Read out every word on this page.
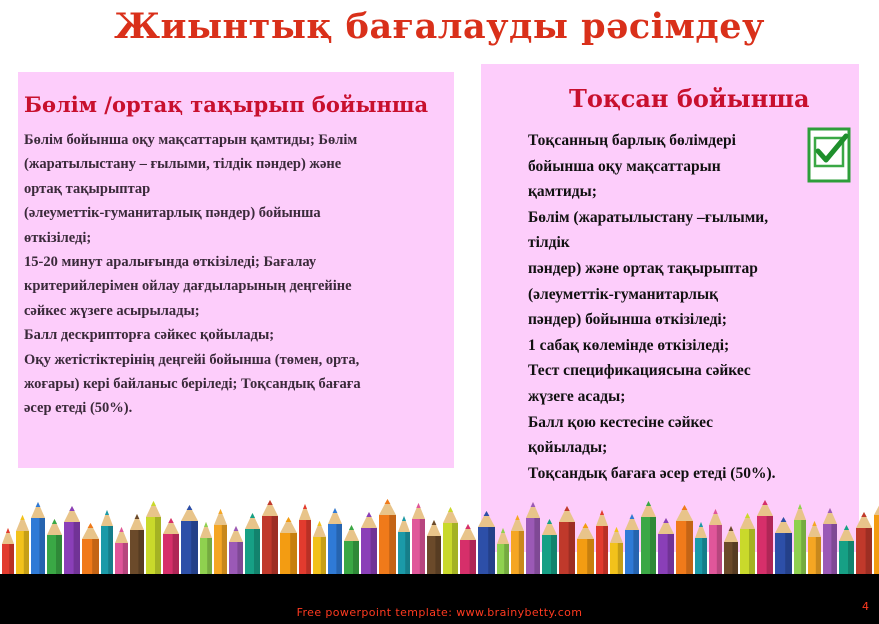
Жиынтық бағалауды рәсімдеу
Бөлім /ортақ тақырып бойынша
Бөлім бойынша оқу мақсаттарын қамтиды; Бөлім
(жаратылыстану – ғылыми, тілдік пәндер) және
ортақ тақырыптар
(әлеуметтік-гуманитарлық пәндер) бойынша
өткізіледі;
15-20 минут аралығында өткізіледі; Бағалау
критерийлерімен ойлау дағдыларының деңгейіне
сәйкес жүзеге асырылады;
Балл дескрипторға сәйкес қойылады;
Оқу жетістіктерінің деңгейі бойынша (төмен, орта,
жоғары) кері байланыс беріледі; Тоқсандық бағаға
әсер етеді (50%).
Тоқсан бойынша
Тоқсанның барлық бөлімдері
бойынша оқу мақсаттарын
қамтиды;
Бөлім (жаратылыстану –ғылыми,
тілдік
пәндер) және ортақ тақырыптар
(әлеуметтік-гуманитарлық
пәндер) бойынша өткізіледі;
1 сабақ көлемінде өткізіледі;
Тест спецификациясына сәйкес
жүзеге асады;
Балл қою кестесіне сәйкес
қойылады;
Тоқсандық бағаға әсер етеді (50%).
Free powerpoint template: www.brainybetty.com	4
